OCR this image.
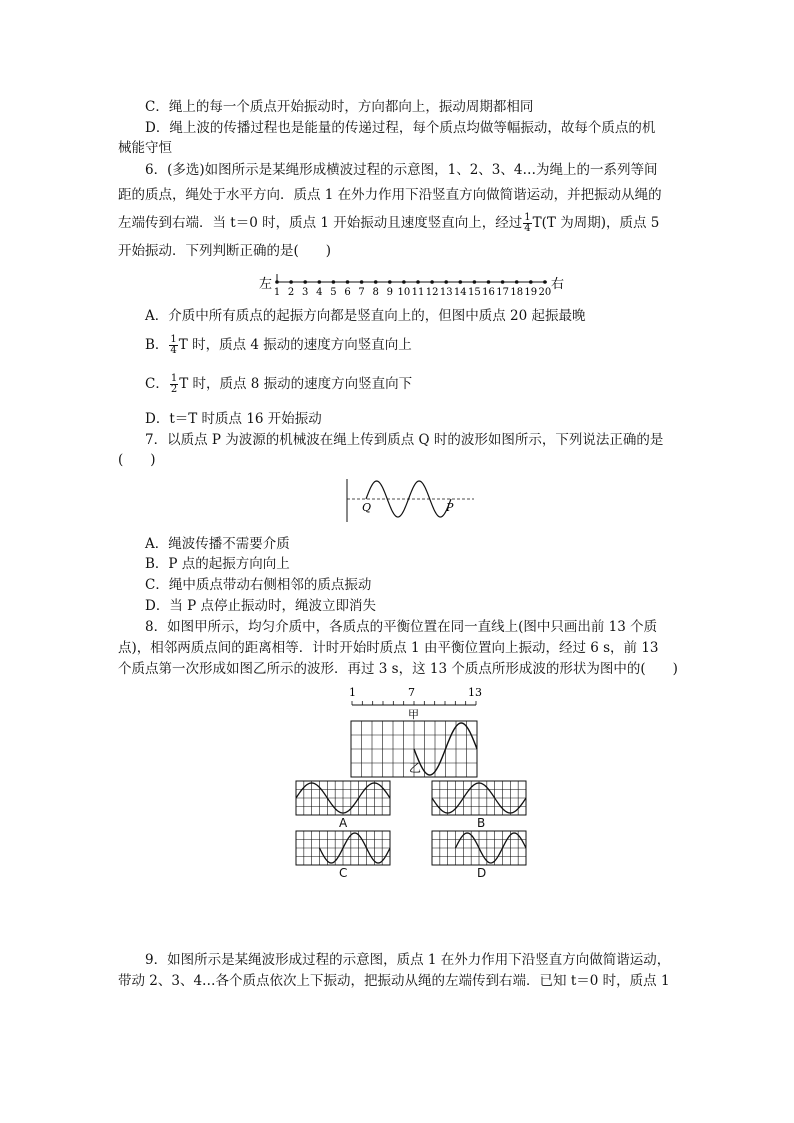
C．绳上的每一个质点开始振动时，方向都向上，振动周期都相同
D．绳上波的传播过程也是能量的传递过程，每个质点均做等幅振动，故每个质点的机
械能守恒
6．(多选)如图所示是某绳形成横波过程的示意图，1、2、3、4…为绳上的一系列等间
距的质点，绳处于水平方向．质点 1 在外力作用下沿竖直方向做简谐运动，并把振动从绳的
左端传到右端．当 t＝0 时，质点 1 开始振动且速度竖直向上，经过 $\frac{1}{4} T(T$ 为周期)，质点 5
开始振动．下列判断正确的是(　　)
左
1 2 3 4 5 6 7 8 9 10 11 12 13 14 15 16 17 18 19 20
右
A．介质中所有质点的起振方向都是竖直向上的，但图中质点 20 起振最晚
B． $\frac{1}{4}$ T 时，质点 4 振动的速度方向竖直向上
C． $\frac{1}{2}$ T 时，质点 8 振动的速度方向竖直向下
D．t＝T 时质点 16 开始振动
7．以质点 P 为波源的机械波在绳上传到质点 Q 时的波形如图所示，下列说法正确的是
(　　)
Q	P
A．绳波传播不需要介质
B．P 点的起振方向向上
C．绳中质点带动右侧相邻的质点振动
D．当 P 点停止振动时，绳波立即消失
8．如图甲所示，均匀介质中，各质点的平衡位置在同一直线上(图中只画出前 13 个质
点)，相邻两质点间的距离相等．计时开始时质点 1 由平衡位置向上振动，经过 6 s，前 13
个质点第一次形成如图乙所示的波形．再过 3 s，这 13 个质点所形成波的形状为图中的(　　)
1	7	13
甲
乙
A	B
C	D
9．如图所示是某绳波形成过程的示意图，质点 1 在外力作用下沿竖直方向做简谐运动，
带动 2、3、4…各个质点依次上下振动，把振动从绳的左端传到右端．已知 t＝0 时，质点 1
